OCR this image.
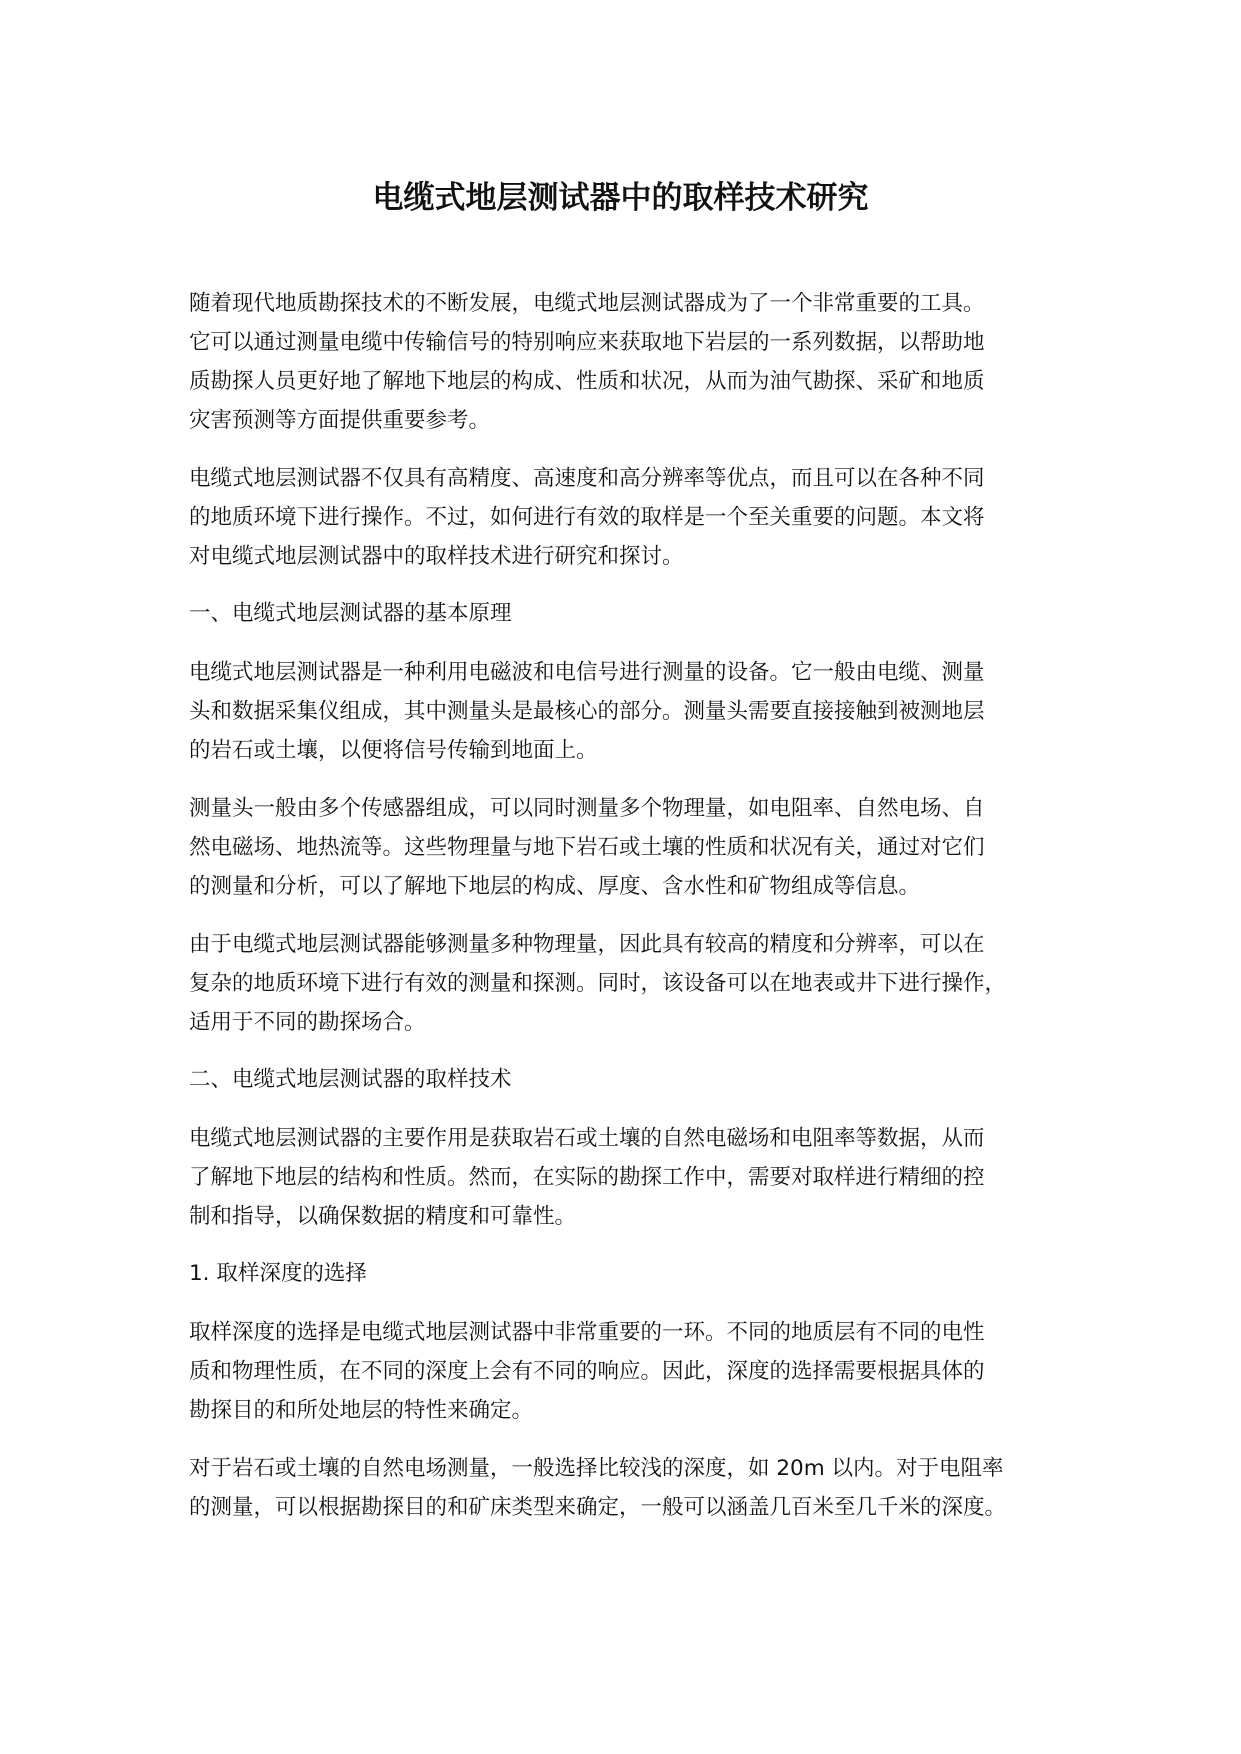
电缆式地层测试器中的取样技术研究
随着现代地质勘探技术的不断发展，电缆式地层测试器成为了一个非常重要的工具。
它可以通过测量电缆中传输信号的特别响应来获取地下岩层的一系列数据，以帮助地
质勘探人员更好地了解地下地层的构成、性质和状况，从而为油气勘探、采矿和地质
灾害预测等方面提供重要参考。
电缆式地层测试器不仅具有高精度、高速度和高分辨率等优点，而且可以在各种不同
的地质环境下进行操作。不过，如何进行有效的取样是一个至关重要的问题。本文将
对电缆式地层测试器中的取样技术进行研究和探讨。
一、电缆式地层测试器的基本原理
电缆式地层测试器是一种利用电磁波和电信号进行测量的设备。它一般由电缆、测量
头和数据采集仪组成，其中测量头是最核心的部分。测量头需要直接接触到被测地层
的岩石或土壤，以便将信号传输到地面上。
测量头一般由多个传感器组成，可以同时测量多个物理量，如电阻率、自然电场、自
然电磁场、地热流等。这些物理量与地下岩石或土壤的性质和状况有关，通过对它们
的测量和分析，可以了解地下地层的构成、厚度、含水性和矿物组成等信息。
由于电缆式地层测试器能够测量多种物理量，因此具有较高的精度和分辨率，可以在
复杂的地质环境下进行有效的测量和探测。同时，该设备可以在地表或井下进行操作，
适用于不同的勘探场合。
二、电缆式地层测试器的取样技术
电缆式地层测试器的主要作用是获取岩石或土壤的自然电磁场和电阻率等数据，从而
了解地下地层的结构和性质。然而，在实际的勘探工作中，需要对取样进行精细的控
制和指导，以确保数据的精度和可靠性。
1. 取样深度的选择
取样深度的选择是电缆式地层测试器中非常重要的一环。不同的地质层有不同的电性
质和物理性质，在不同的深度上会有不同的响应。因此，深度的选择需要根据具体的
勘探目的和所处地层的特性来确定。
对于岩石或土壤的自然电场测量，一般选择比较浅的深度，如 20m 以内。对于电阻率
的测量，可以根据勘探目的和矿床类型来确定，一般可以涵盖几百米至几千米的深度。
